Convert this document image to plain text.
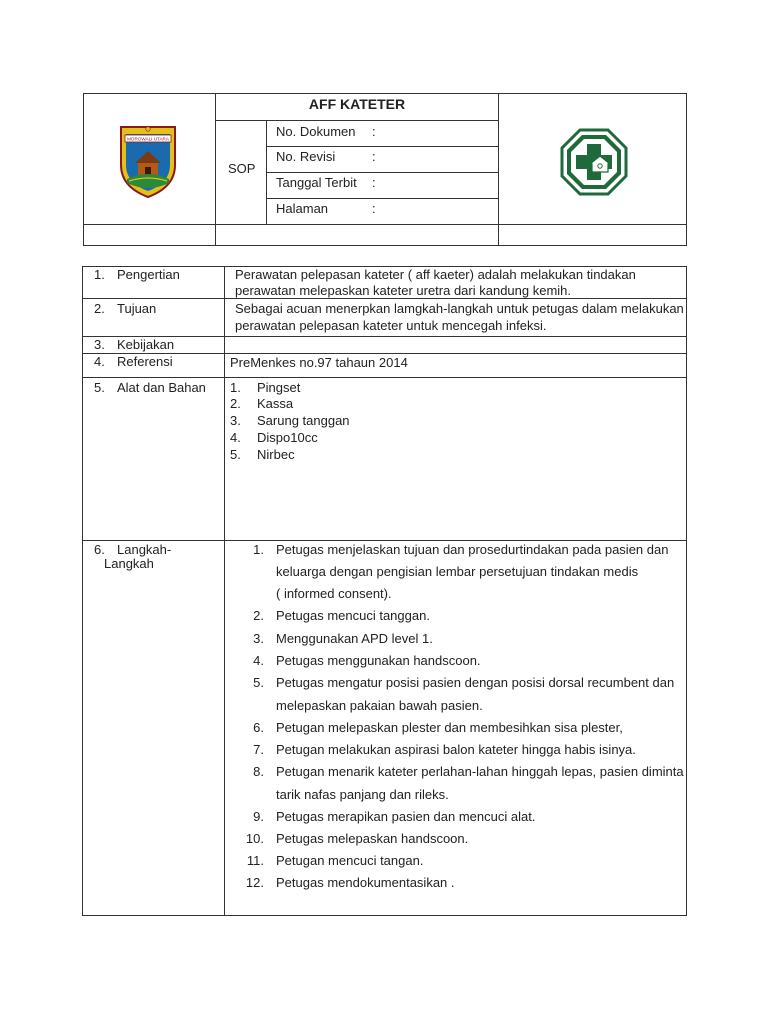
MOROWALI UTARA
AFF KATETER
SOP
No. Dokumen :
No. Revisi	:
Tanggal Terbit :
Halaman	:
1. Pengertian	Perawatan pelepasan kateter ( aff kaeter) adalah melakukan tindakan
perawatan melepaskan kateter uretra dari kandung kemih.
2. Tujuan	Sebagai acuan menerpkan lamgkah-langkah untuk petugas dalam melakukan
perawatan pelepasan kateter untuk mencegah infeksi.
3. Kebijakan
4. Referensi	PreMenkes no.97 tahaun 2014
5. Alat dan Bahan 1. Pingset
2. Kassa
3. Sarung tanggan
4. Dispo10cc
5. Nirbec
6. Langkah-
Langkah
1. Petugas menjelaskan tujuan dan prosedurtindakan pada pasien dan
keluarga dengan pengisian lembar persetujuan tindakan medis
( informed consent).
2. Petugas mencuci tanggan.
3. Menggunakan APD level 1.
4. Petugas menggunakan handscoon.
5. Petugas mengatur posisi pasien dengan posisi dorsal recumbent dan
melepaskan pakaian bawah pasien.
6. Petugan melepaskan plester dan membesihkan sisa plester,
7. Petugan melakukan aspirasi balon kateter hingga habis isinya.
8. Petugan menarik kateter perlahan-lahan hinggah lepas, pasien diminta
tarik nafas panjang dan rileks.
9. Petugas merapikan pasien dan mencuci alat.
10. Petugas melepaskan handscoon.
11. Petugan mencuci tangan.
12. Petugas mendokumentasikan .
